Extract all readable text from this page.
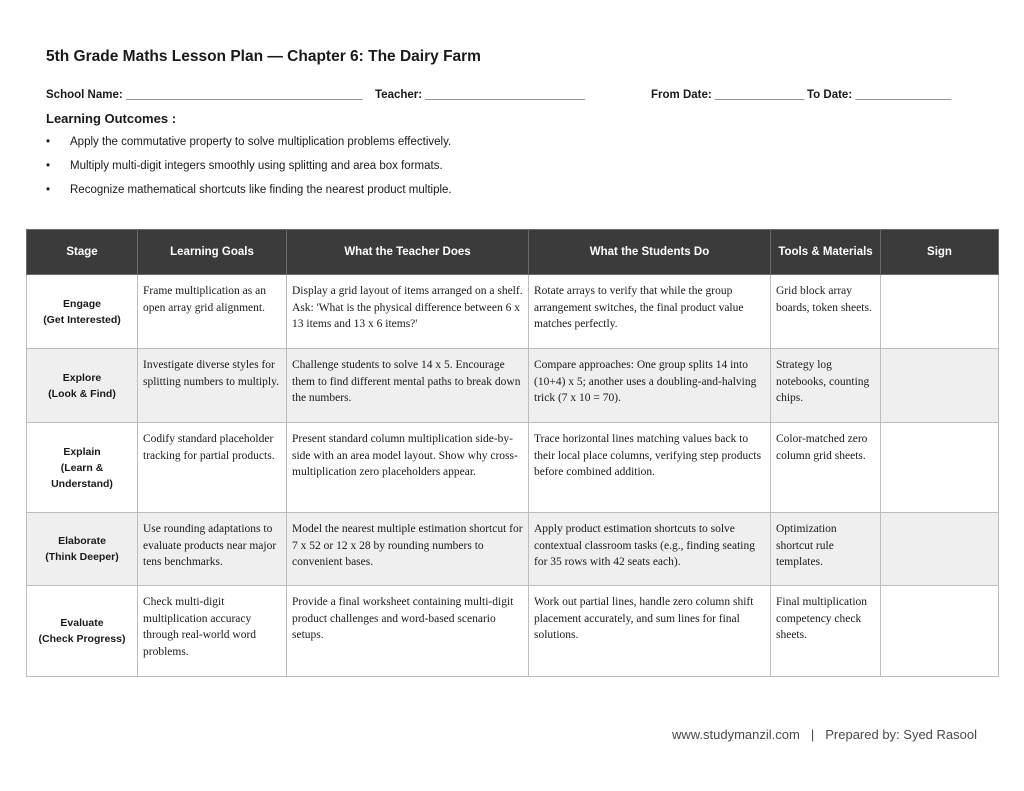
5th Grade Maths Lesson Plan — Chapter 6: The Dairy Farm
School Name: _____________________________________ Teacher: _________________________	From Date: ______________ To Date: _______________
Learning Outcomes :
• Apply the commutative property to solve multiplication problems effectively.
• Multiply multi-digit integers smoothly using splitting and area box formats.
• Recognize mathematical shortcuts like finding the nearest product multiple.
Stage	Learning Goals	What the Teacher Does	What the Students Do	Tools & Materials	Sign

Engage
(Get Interested)	Frame multiplication as an open array grid alignment.	Display a grid layout of items arranged on a shelf. Ask: 'What is the physical difference between 6 x 13 items and 13 x 6 items?'	Rotate arrays to verify that while the group arrangement switches, the final product value matches perfectly.	Grid block array boards, token sheets.	

Explore
(Look & Find)	Investigate diverse styles for splitting numbers to multiply.	Challenge students to solve 14 x 5. Encourage them to find different mental paths to break down the numbers.	Compare approaches: One group splits 14 into (10+4) x 5; another uses a doubling-and-halving trick (7 x 10 = 70).	Strategy log notebooks, counting chips.	

Explain
(Learn &
Understand)	Codify standard placeholder tracking for partial products.	Present standard column multiplication side-by-side with an area model layout. Show why cross-multiplication zero placeholders appear.	Trace horizontal lines matching values back to their local place columns, verifying step products before combined addition.	Color-matched zero column grid sheets.	

Elaborate
(Think Deeper)	Use rounding adaptations to evaluate products near major tens benchmarks.	Model the nearest multiple estimation shortcut for 7 x 52 or 12 x 28 by rounding numbers to convenient bases.	Apply product estimation shortcuts to solve contextual classroom tasks (e.g., finding seating for 35 rows with 42 seats each).	Optimization shortcut rule templates.	

Evaluate
(Check Progress)	Check multi-digit multiplication accuracy through real-world word problems.	Provide a final worksheet containing multi-digit product challenges and word-based scenario setups.	Work out partial lines, handle zero column shift placement accurately, and sum lines for final solutions.	Final multiplication competency check sheets.	
www.studymanzil.com | Prepared by: Syed Rasool
